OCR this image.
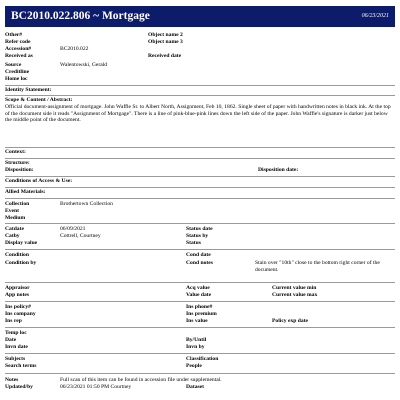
BC2010.022.806 ~ Mortgage	06/23/2021
Other#	Object name 2
Refer code	Object name 3
Accession#	BC2010.022
Received as	Received date
Source	Walentowski, Gerald
Creditline
Home loc
Identity Statement:
Scope & Content / Abstract:
Official document-assignment of mortgage. John Waffle Sr. to Albert North, Assignment, Feb 10, 1862. Single sheet of paper with handwritten notes in black ink. At the top of the document side it reads "Assignment of Mortgage". There is a line of pink-blue-pink lines down the left side of the paper. John Waffle's signature is darker just below the middle point of the document.
Context:
Structure:
Disposition:	Disposition date:
Conditions of Access & Use:
Allied Materials:
Collection	Brothertown Collection
Event
Medium
Catdate	06/09/2021	Status date
Catby	Cottrell, Courtney	Status by
Display value	Status
Condition	Cond date
Condition by	Cond notes	Stain over "10th" close to the bottom right corner of the document.
Appraisor	Acq value	Current value min
App notes	Value date	Current value max
Ins policy#	Ins phone#
Ins company	Ins premium
Ins rep	Ins value	Policy exp date
Temp loc
Date	By/Until
Invn date	Invn by
Subjects	Classification
Search terms	People
Notes	Full scan of this item can be found in accession file under supplemental.
Updated/by	06/23/2021 01:50 PM Courtney	Dataset
